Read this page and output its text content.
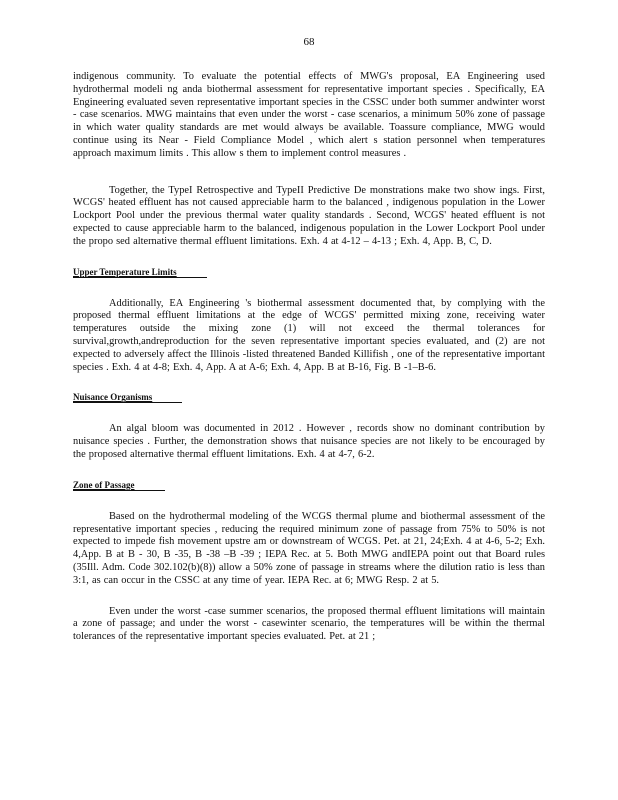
68

indigenous community. To evaluate the potential effects of MWG's proposal, EA Engineering used hydrothermal modeli ng anda biothermal assessment for representative important species . Specifically, EA Engineering evaluated seven representative important species in the CSSC under both summer andwinter worst - case scenarios. MWG maintains that even under the worst - case scenarios, a minimum 50% zone of passage in which water quality standards are met would always be available. Toassure compliance, MWG would continue using its Near - Field Compliance Model , which alert s station personnel when temperatures approach maximum limits . This allow s them to implement control measures .

Together, the TypeI Retrospective and TypeII Predictive De monstrations make two show ings. First, WCGS' heated effluent has not caused appreciable harm to the balanced , indigenous population in the Lower Lockport Pool under the previous thermal water quality standards . Second, WCGS' heated effluent is not expected to cause appreciable harm to the balanced, indigenous population in the Lower Lockport Pool under the propo sed alternative thermal effluent limitations. Exh. 4 at 4-12 – 4-13 ; Exh. 4, App. B, C, D.

Upper Temperature Limits

Additionally, EA Engineering 's biothermal assessment documented that, by complying with the proposed thermal effluent limitations at the edge of WCGS' permitted mixing zone, receiving water temperatures outside the mixing zone (1) will not exceed the thermal tolerances for survival,growth,andreproduction for the seven representative important species evaluated, and (2) are not expected to adversely affect the Illinois -listed threatened Banded Killifish , one of the representative important species . Exh. 4 at 4-8; Exh. 4, App. A at A-6; Exh. 4, App. B at B-16, Fig. B -1–B-6.

Nuisance Organisms

An algal bloom was documented in 2012 . However , records show no dominant contribution by nuisance species . Further, the demonstration shows that nuisance species are not likely to be encouraged by the proposed alternative thermal effluent limitations. Exh. 4 at 4-7, 6-2.

Zone of Passage

Based on the hydrothermal modeling of the WCGS thermal plume and biothermal assessment of the representative important species , reducing the required minimum zone of passage from 75% to 50% is not expected to impede fish movement upstre am or downstream of WCGS. Pet. at 21, 24;Exh. 4 at 4-6, 5-2; Exh. 4,App. B at B - 30, B -35, B -38 –B -39 ; IEPA Rec. at 5. Both MWG andIEPA point out that Board rules (35Ill. Adm. Code 302.102(b)(8)) allow a 50% zone of passage in streams where the dilution ratio is less than 3:1, as can occur in the CSSC at any time of year. IEPA Rec. at 6; MWG Resp. 2 at 5.

Even under the worst -case summer scenarios, the proposed thermal effluent limitations will maintain a zone of passage; and under the worst - casewinter scenario, the temperatures will be within the thermal tolerances of the representative important species evaluated. Pet. at 21 ;
